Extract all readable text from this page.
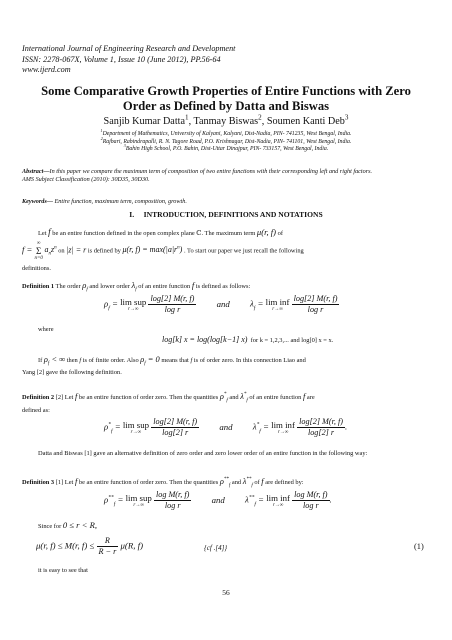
International Journal of Engineering Research and Development
ISSN: 2278-067X, Volume 1, Issue 10 (June 2012), PP.56-64
www.ijerd.com
Some Comparative Growth Properties of Entire Functions with Zero Order as Defined by Datta and Biswas
Sanjib Kumar Datta$^1$, Tanmay Biswas$^2$, Soumen Kanti Deb$^3$
$^1$Department of Mathematics, University of Kalyani, Kalyani, Dist-Nadia, PIN- 741235, West Bengal, India.
$^2$Rajbari, Rabindrapalli, R. N. Tagore Road, P.O. Krishnagar, Dist-Nadia, PIN- 741101, West Bengal, India.
$^3$Bahin High School, P.O. Bahin, Dist-Uttar Dinajpur, PIN- 733157, West Bengal, India.
Abstract—In this paper we compare the maximum term of composition of two entire functions with their corresponding left and right factors.
AMS Subject Classification (2010): 30D35, 30D30.
Keywords— Entire function, maximum term, composition, growth.
I. INTRODUCTION, DEFINITIONS AND NOTATIONS
Let f be an entire function defined in the open complex plane ℂ. The maximum term μ(r, f) of
f =
∞
Σ
n=0
$a_nz^n$ on |z| = r is defined by μ(r, $f) = \max(|a|r^n)$ . To start our paper we just recall the following
definitions.
Definition 1 The order $\rho_f$ and lower order $\lambda_f$ of an entire function f is defined as follows:
$\rho_f = \lim$ sup
r→∞
	$\frac{\log[2] M(r, f)}{\text{log r}}$ and $\lambda_f = \lim$ inf
r→∞
	$\frac{\log[2] M(r, f)}{\text{log r}}$
where
log[k] x = log(log[k−1] x) for k = 1,2,3,... and log[0] x = x.
If $\rho_f$ < ∞ then f is of finite order. Also $\rho_f = 0$ means that f is of order zero. In this connection Liao and
Yang [2] gave the following definition.
Definition 2 [2] Let f be an entire function of order zero. Then the quantities $\rho^*_f$ and $\lambda^*_f$ of an entire function f are
defined as:
$\rho^*_f = \lim$ sup
r→∞
	$\frac{\log[2] M(r, f)}{\log[2] r}$ and $\lambda^*_f = \lim$ inf
r→∞
	$\frac{\log[2] M(r, f)}{\log[2] r}$ .
Datta and Biswas [1] gave an alternative definition of zero order and zero lower order of an entire function in the following way:
Definition 3 [1] Let f be an entire function of order zero. Then the quantities $\rho^{**}_f$ and $\lambda^{**}_f$ of f are defined by:
$\rho^{**}_f = \lim$ sup
r→∞
	$\frac{\text{log M(r, f)}}{\text{log r}}$ and $\lambda^{**}_f = \lim$ inf
r→∞
	$\frac{\text{log M(r, f)}}{\text{log r}}$ .
Since for 0 ≤ r < R,
μ(r, f) ≤ M(r, $f) \le \frac{R}{R - r} \mu(R$, f)	{cf .[4]}	(1)
it is easy to see that
56
